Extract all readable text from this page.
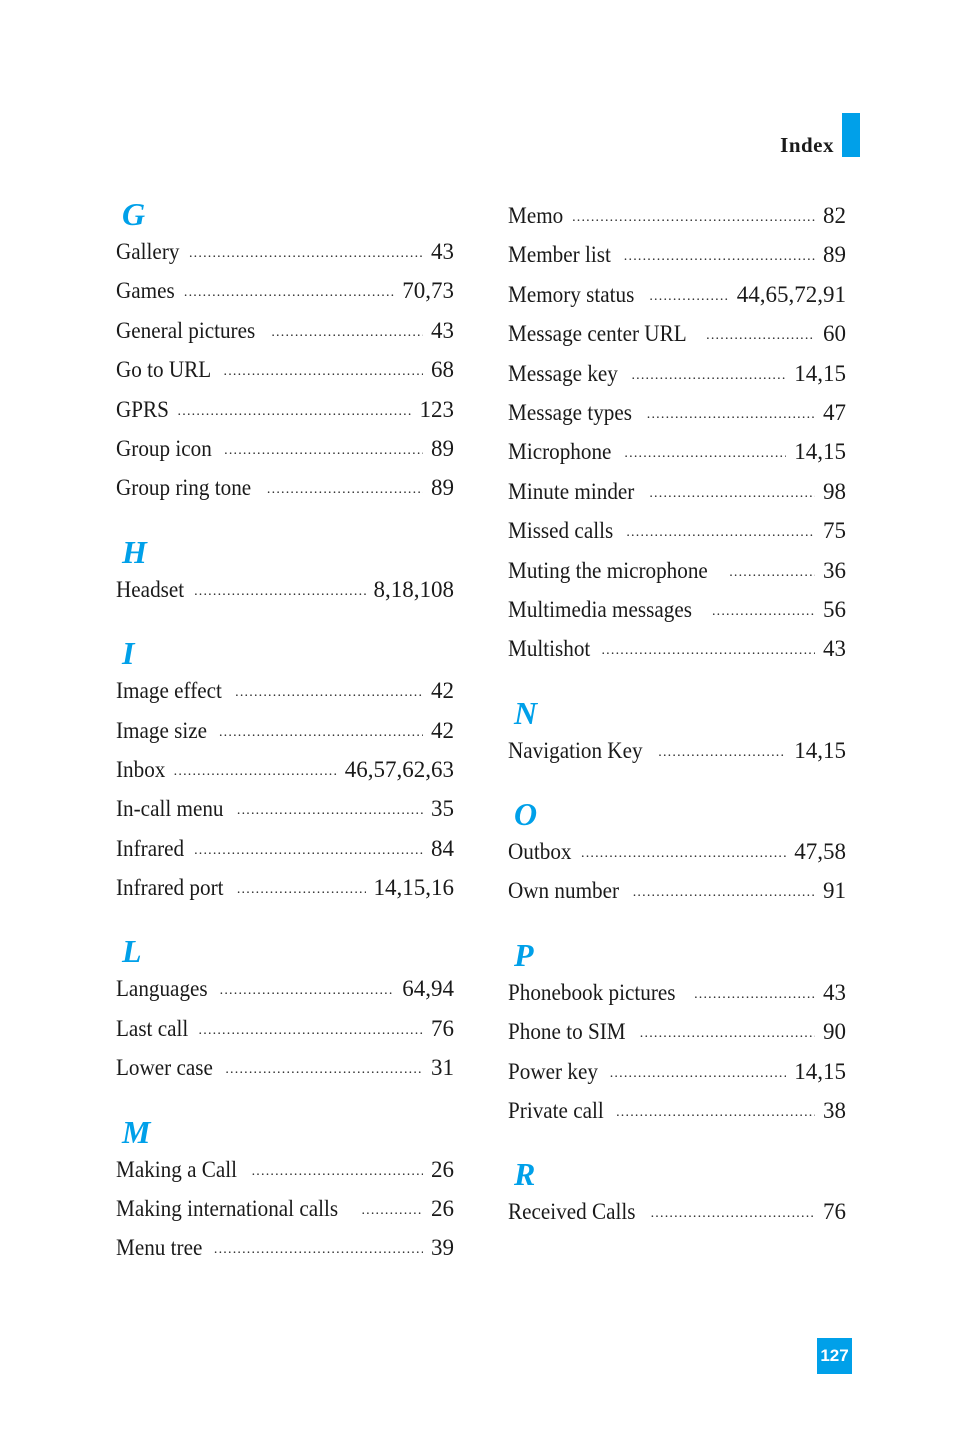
Index
G
Gallery .....	43
Games .....	70,73
General pictures .....	43
Go to URL .....	68
GPRS .....	123
Group icon .....	89
Group ring tone .....	89
H
Headset .....	8,18,108
I
Image effect .....	42
Image size .....	42
Inbox .....	46,57,62,63
In-call menu .....	35
Infrared .....	84
Infrared port .....	14,15,16
L
Languages .....	64,94
Last call .....	76
Lower case .....	31
M
Making a Call .....	26
Making international calls .....	26
Menu tree .....	39
Memo .....	82
Member list .....	89
Memory status .....	44,65,72,91
Message center URL .....	60
Message key .....	14,15
Message types .....	47
Microphone .....	14,15
Minute minder .....	98
Missed calls .....	75
Muting the microphone .....	36
Multimedia messages .....	56
Multishot .....	43
N
Navigation Key .....	14,15
O
Outbox .....	47,58
Own number .....	91
P
Phonebook pictures .....	43
Phone to SIM .....	90
Power key .....	14,15
Private call .....	38
R
Received Calls .....	76
127
